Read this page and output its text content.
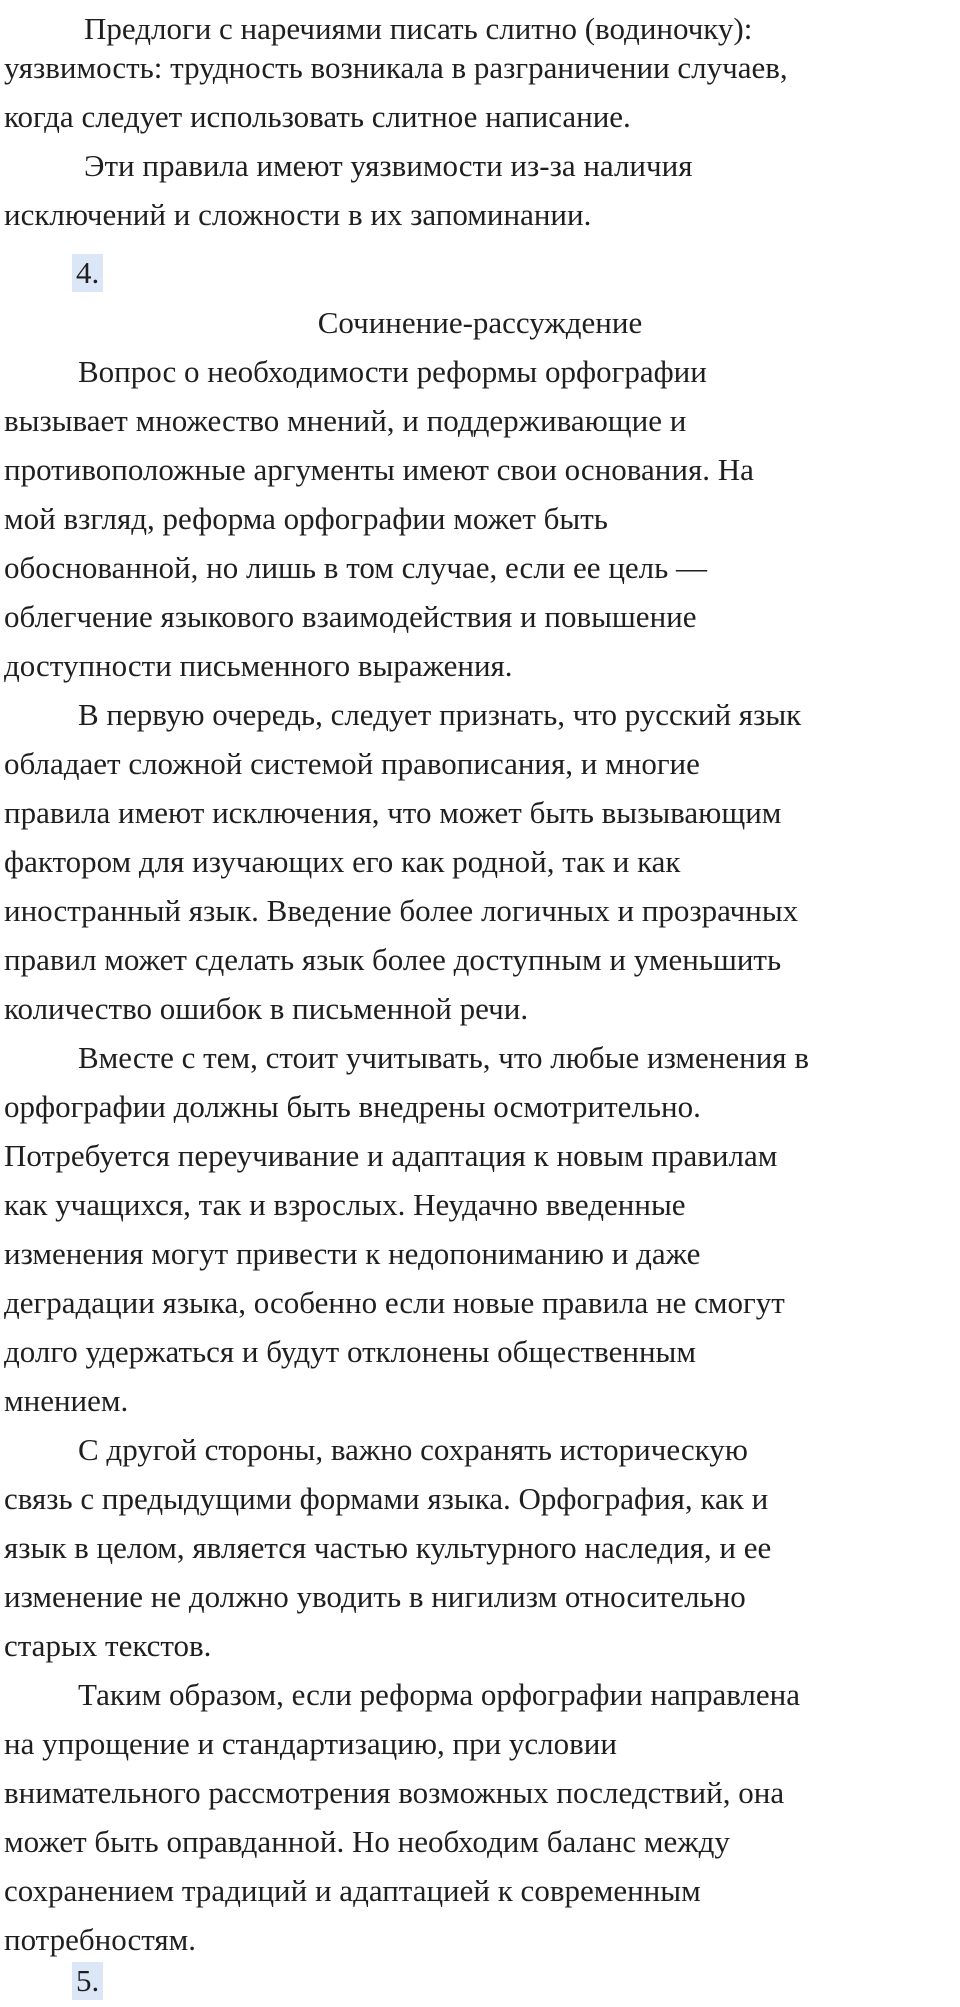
Предлоги с наречиями писать слитно (водиночку):
уязвимость: трудность возникала в разграничении случаев,
когда следует использовать слитное написание.
Эти правила имеют уязвимости из-за наличия
исключений и сложности в их запоминании.
4.
Сочинение-рассуждение
Вопрос о необходимости реформы орфографии
вызывает множество мнений, и поддерживающие и
противоположные аргументы имеют свои основания. На
мой взгляд, реформа орфографии может быть
обоснованной, но лишь в том случае, если ее цель —
облегчение языкового взаимодействия и повышение
доступности письменного выражения.
В первую очередь, следует признать, что русский язык
обладает сложной системой правописания, и многие
правила имеют исключения, что может быть вызывающим
фактором для изучающих его как родной, так и как
иностранный язык. Введение более логичных и прозрачных
правил может сделать язык более доступным и уменьшить
количество ошибок в письменной речи.
Вместе с тем, стоит учитывать, что любые изменения в
орфографии должны быть внедрены осмотрительно.
Потребуется переучивание и адаптация к новым правилам
как учащихся, так и взрослых. Неудачно введенные
изменения могут привести к недопониманию и даже
деградации языка, особенно если новые правила не смогут
долго удержаться и будут отклонены общественным
мнением.
С другой стороны, важно сохранять историческую
связь с предыдущими формами языка. Орфография, как и
язык в целом, является частью культурного наследия, и ее
изменение не должно уводить в нигилизм относительно
старых текстов.
Таким образом, если реформа орфографии направлена
на упрощение и стандартизацию, при условии
внимательного рассмотрения возможных последствий, она
может быть оправданной. Но необходим баланс между
сохранением традиций и адаптацией к современным
потребностям.
5.
